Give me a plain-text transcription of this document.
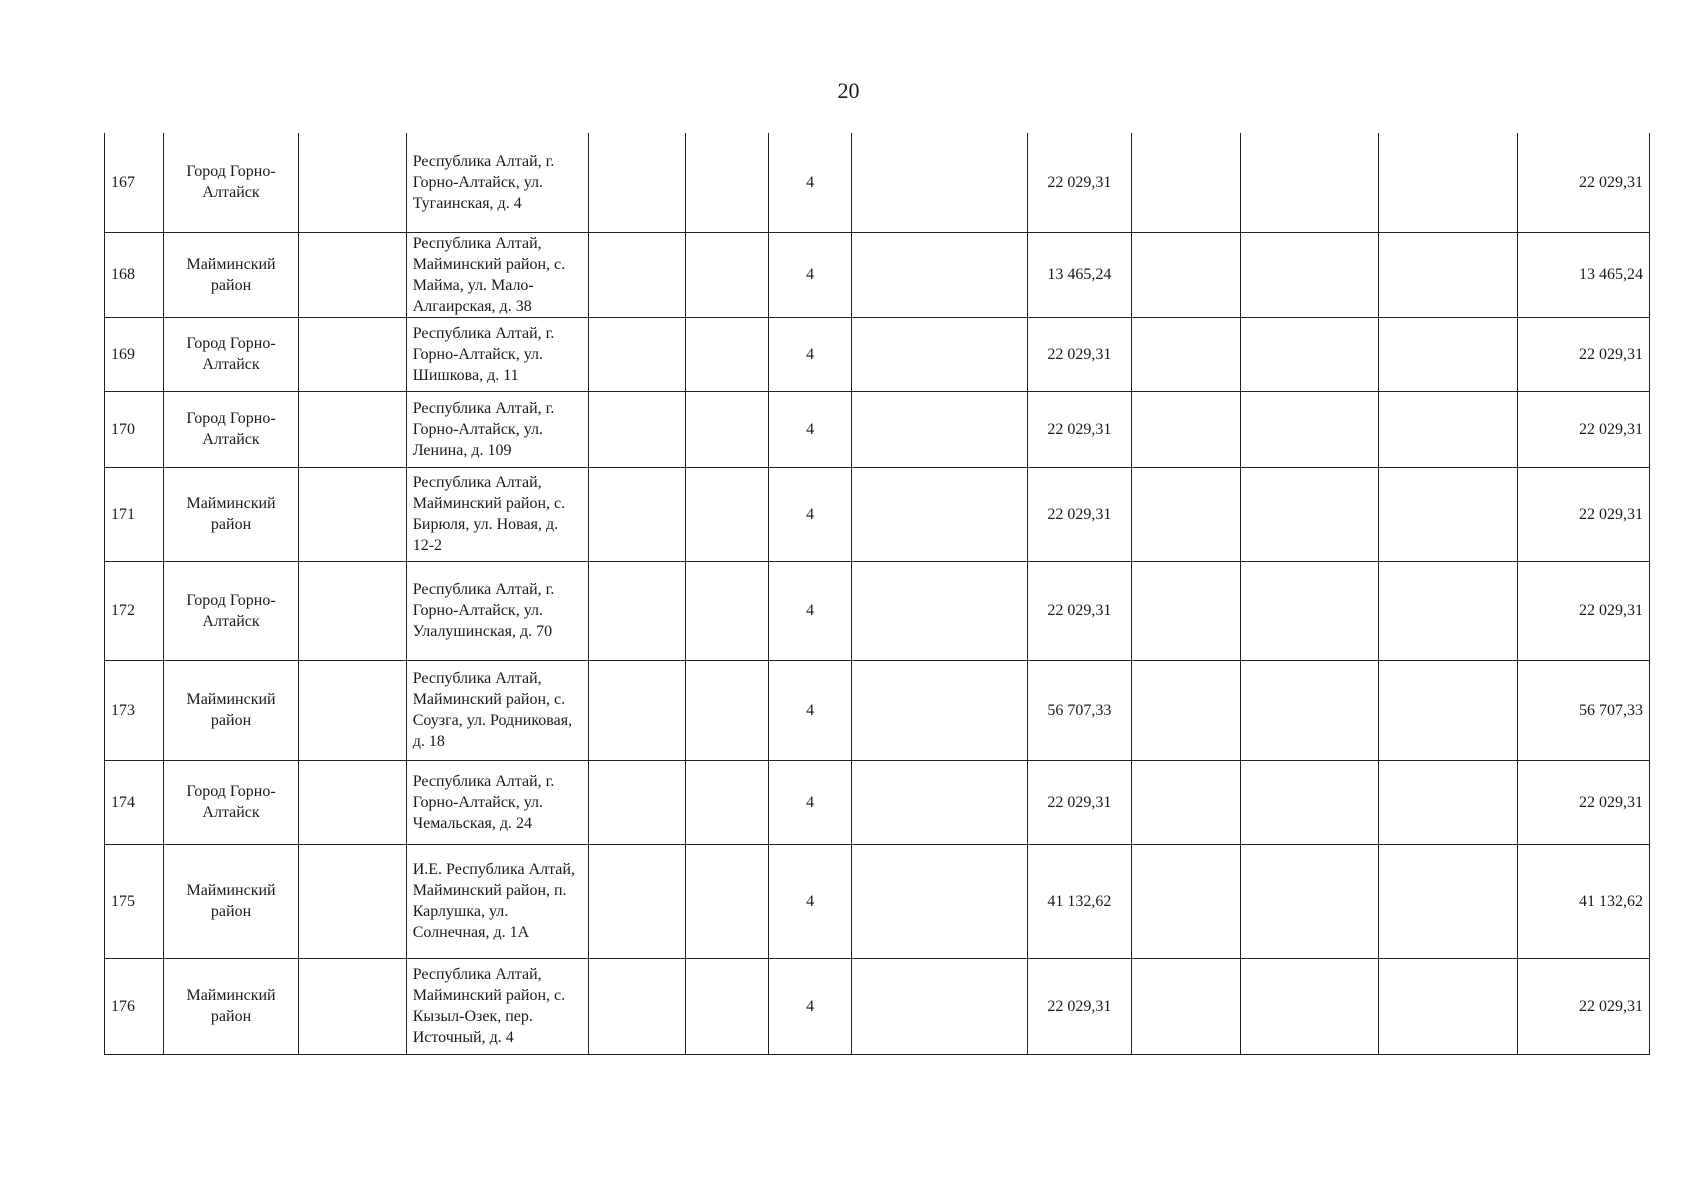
20
167	Город Горно-Алтайск		Республика Алтай, г. Горно-Алтайск, ул. Тугаинская, д. 4			4		22 029,31				22 029,31
168	Майминский район		Республика Алтай, Майминский район, с. Майма, ул. Мало-Алгаирская, д. 38			4		13 465,24				13 465,24
169	Город Горно-Алтайск		Республика Алтай, г. Горно-Алтайск, ул. Шишкова, д. 11			4		22 029,31				22 029,31
170	Город Горно-Алтайск		Республика Алтай, г. Горно-Алтайск, ул. Ленина, д. 109			4		22 029,31				22 029,31
171	Майминский район		Республика Алтай, Майминский район, с. Бирюля, ул. Новая, д. 12-2			4		22 029,31				22 029,31
172	Город Горно-Алтайск		Республика Алтай, г. Горно-Алтайск, ул. Улалушинская, д. 70			4		22 029,31				22 029,31
173	Майминский район		Республика Алтай, Майминский район, с. Соузга, ул. Родниковая, д. 18			4		56 707,33				56 707,33
174	Город Горно-Алтайск		Республика Алтай, г. Горно-Алтайск, ул. Чемальская, д. 24			4		22 029,31				22 029,31
175	Майминский район		И.Е. Республика Алтай, Майминский район, п. Карлушка, ул. Солнечная, д. 1А			4		41 132,62				41 132,62
176	Майминский район		Республика Алтай, Майминский район, с. Кызыл-Озек, пер. Источный, д. 4			4		22 029,31				22 029,31
